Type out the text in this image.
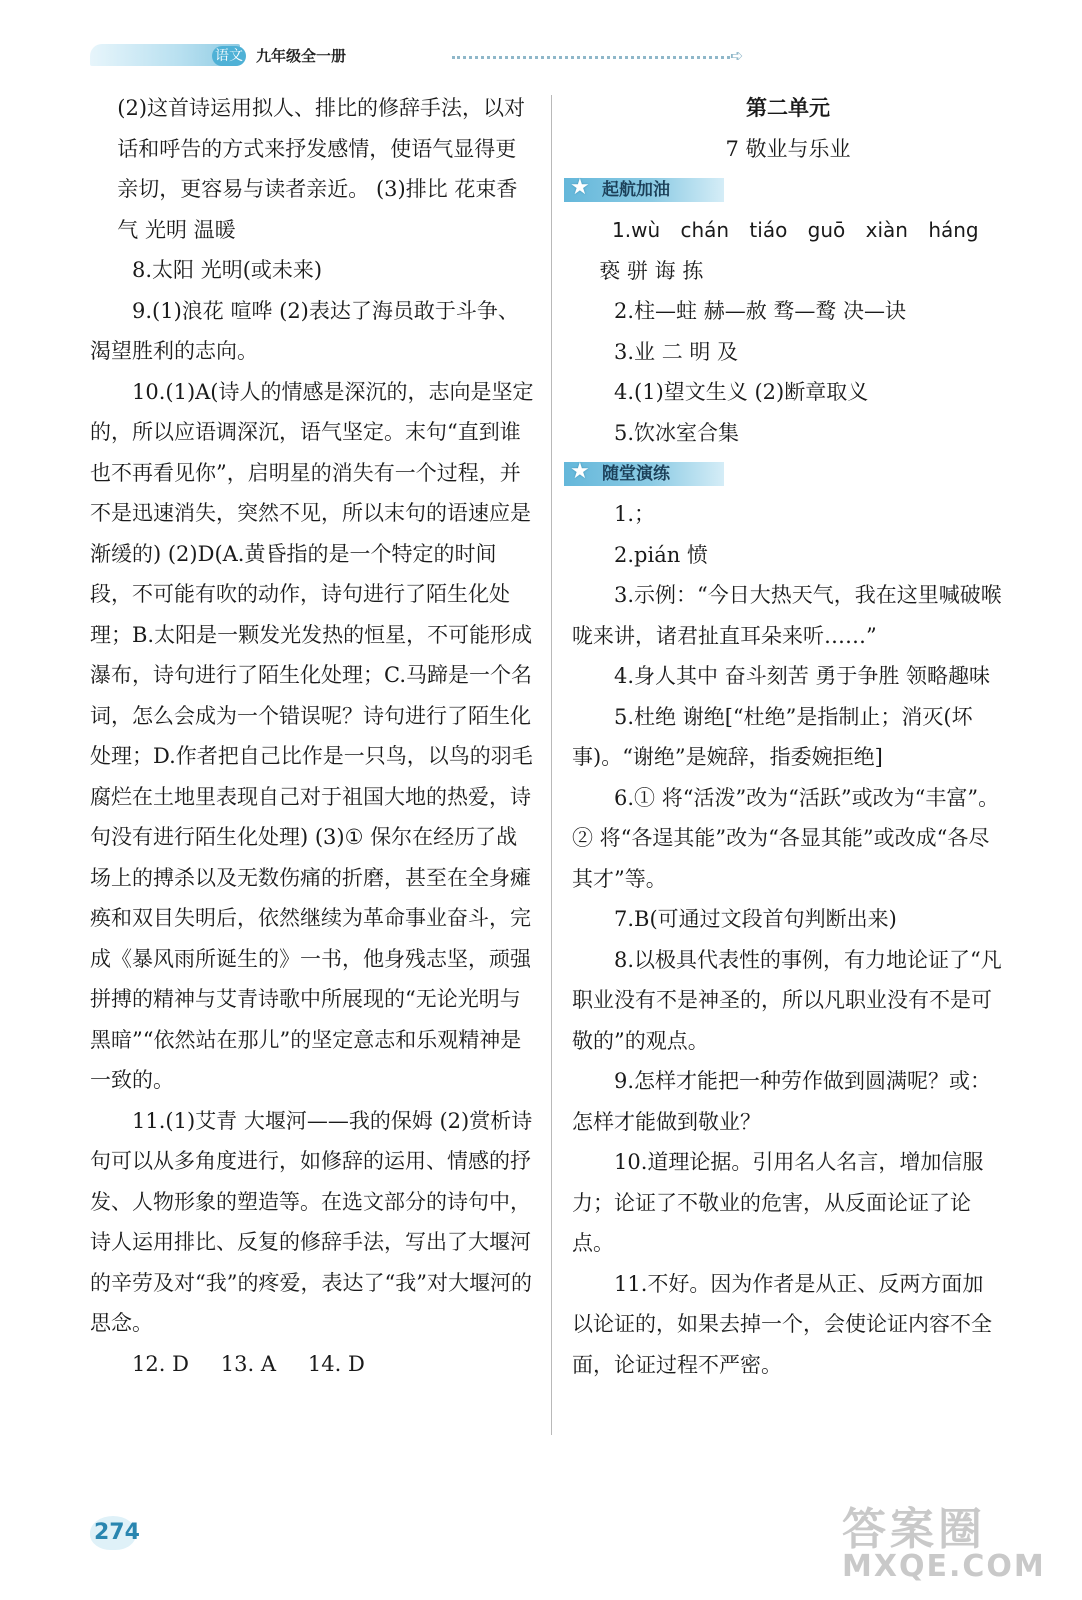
语文 九年级全一册	➪

(2)这首诗运用拟人、排比的修辞手法，以对话和呼告的方式来抒发感情，使语气显得更亲切，更容易与读者亲近。 (3)排比 花束香气 光明 温暖

8.太阳 光明(或未来)

9.(1)浪花 喧哗 (2)表达了海员敢于斗争、渴望胜利的志向。

10.(1)A(诗人的情感是深沉的，志向是坚定的，所以应语调深沉，语气坚定。末句“直到谁也不再看见你”，启明星的消失有一个过程，并不是迅速消失，突然不见，所以末句的语速应是渐缓的) (2)D(A.黄昏指的是一个特定的时间段，不可能有吹的动作，诗句进行了陌生化处理；B.太阳是一颗发光发热的恒星，不可能形成瀑布，诗句进行了陌生化处理；C.马蹄是一个名词，怎么会成为一个错误呢？诗句进行了陌生化处理；D.作者把自己比作是一只鸟，以鸟的羽毛腐烂在土地里表现自己对于祖国大地的热爱，诗句没有进行陌生化处理) (3)① 保尔在经历了战场上的搏杀以及无数伤痛的折磨，甚至在全身瘫痪和双目失明后，依然继续为革命事业奋斗，完成《暴风雨所诞生的》一书，他身残志坚，顽强拼搏的精神与艾青诗歌中所展现的“无论光明与黑暗”“依然站在那儿”的坚定意志和乐观精神是一致的。

11.(1)艾青 大堰河——我的保姆 (2)赏析诗句可以从多角度进行，如修辞的运用、情感的抒发、人物形象的塑造等。在选文部分的诗句中，诗人运用排比、反复的修辞手法，写出了大堰河的辛劳及对“我”的疼爱，表达了“我”对大堰河的思念。

12. D 13. A 14. D

第二单元

7 敬业与乐业

★ 起航加油

1.wù chán tiáo guō xiàn háng

亵 骈 诲 拣

2.柱—蛀 赫—赦 骛—鹜 决—诀

3.业 二 明 及

4.(1)望文生义 (2)断章取义

5.饮冰室合集

★ 随堂演练

1.；

2.pián 愤

3.示例：“今日大热天气，我在这里喊破喉咙来讲，诸君扯直耳朵来听……”

4.身人其中 奋斗刻苦 勇于争胜 领略趣味

5.杜绝 谢绝[“杜绝”是指制止；消灭(坏事)。“谢绝”是婉辞，指委婉拒绝]

6.① 将“活泼”改为“活跃”或改为“丰富”。 ② 将“各逞其能”改为“各显其能”或改成“各尽其才”等。

7.B(可通过文段首句判断出来)

8.以极具代表性的事例，有力地论证了“凡职业没有不是神圣的，所以凡职业没有不是可敬的”的观点。

9.怎样才能把一种劳作做到圆满呢？或：怎样才能做到敬业？

10.道理论据。引用名人名言，增加信服力；论证了不敬业的危害，从反面论证了论点。

11.不好。因为作者是从正、反两方面加以论证的，如果去掉一个，会使论证内容不全面，论证过程不严密。

274	答案圈
MXQE.COM
